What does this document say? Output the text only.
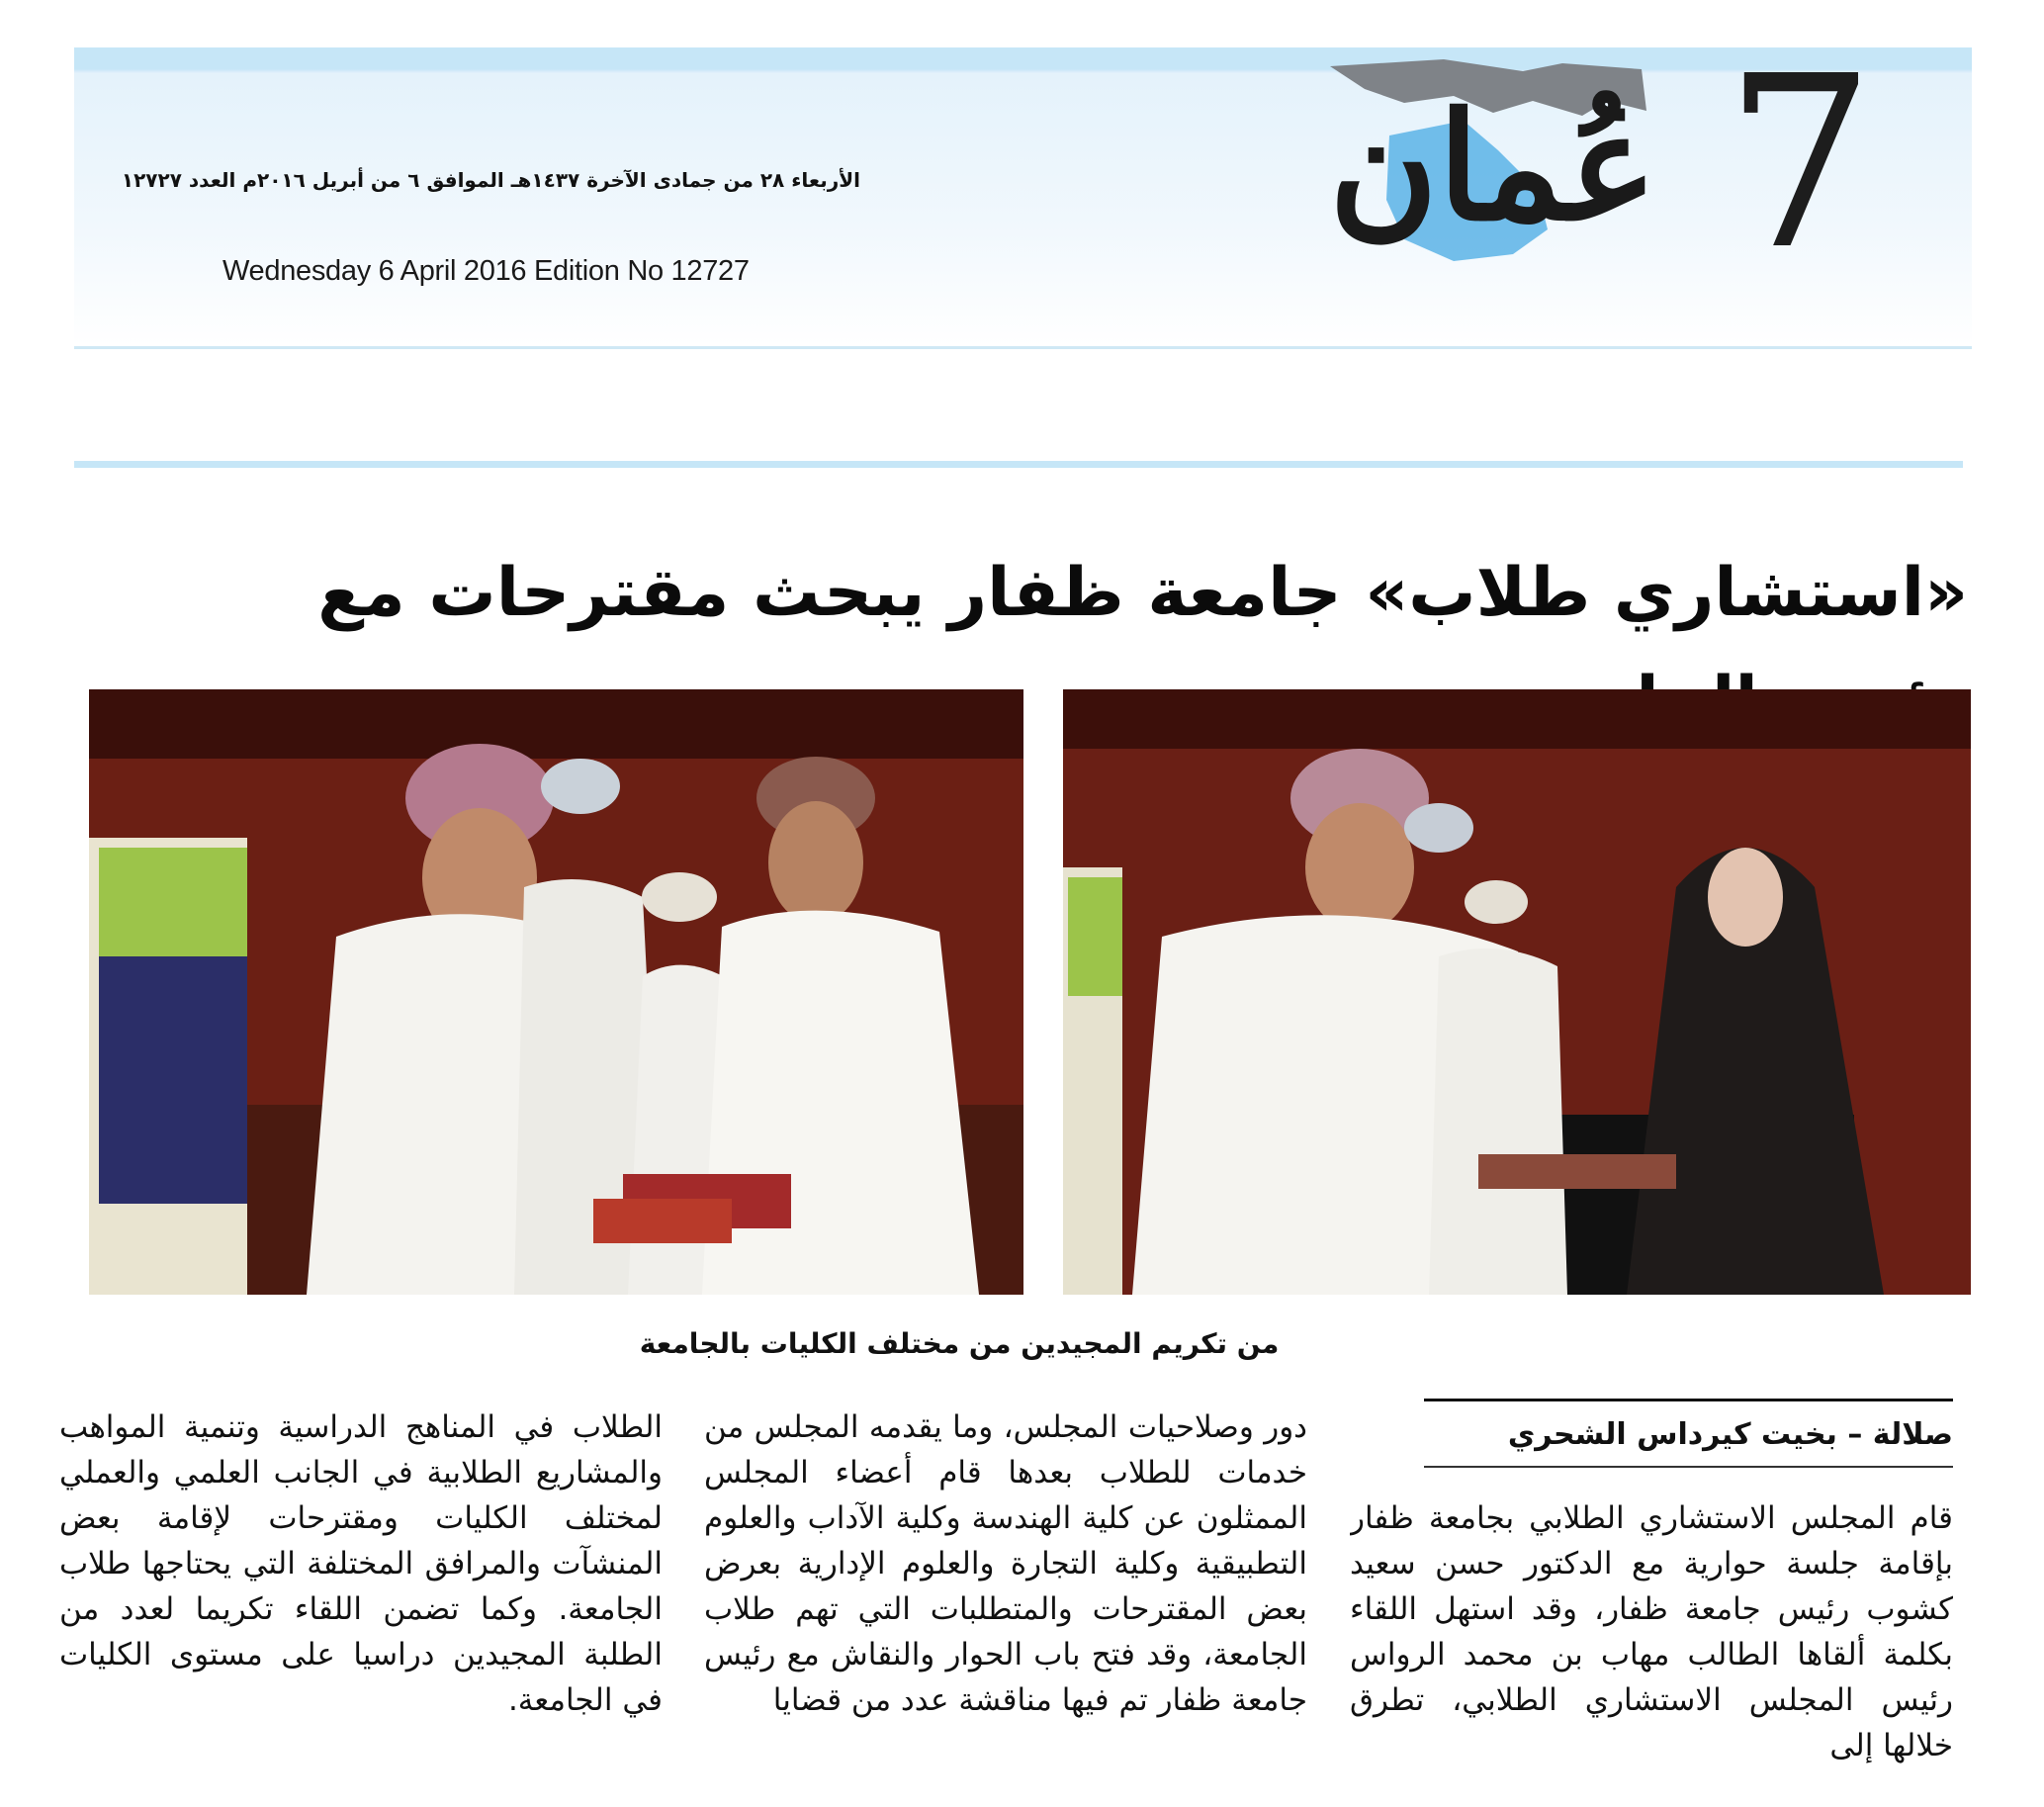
7
عُمان
الأربعاء ٢٨ من جمادى الآخرة ١٤٣٧هـ الموافق ٦ من أبريل ٢٠١٦م العدد ١٢٧٢٧
Wednesday 6 April 2016 Edition No 12727
«استشاري طلاب» جامعة ظفار يبحث مقترحات مع
من تكريم المجيدين من مختلف الكليات بالجامعة
صلالة – بخيت كيرداس الشحري
قام المجلس الاستشاري الطلابي بجامعة ظفار بإقامة جلسة حوارية مع الدكتور حسن سعيد كشوب رئيس جامعة ظفار، وقد استهل اللقاء بكلمة ألقاها الطالب مهاب بن محمد الرواس رئيس المجلس الاستشاري الطلابي، تطرق خلالها إلى
دور وصلاحيات المجلس، وما يقدمه المجلس من خدمات للطلاب بعدها قام أعضاء المجلس الممثلون عن كلية الهندسة وكلية الآداب والعلوم التطبيقية وكلية التجارة والعلوم الإدارية بعرض بعض المقترحات والمتطلبات التي تهم طلاب الجامعة، وقد فتح باب الحوار والنقاش مع رئيس جامعة ظفار تم فيها مناقشة عدد من قضايا
الطلاب في المناهج الدراسية وتنمية المواهب والمشاريع الطلابية في الجانب العلمي والعملي لمختلف الكليات ومقترحات لإقامة بعض المنشآت والمرافق المختلفة التي يحتاجها طلاب الجامعة. وكما تضمن اللقاء تكريما لعدد من الطلبة المجيدين دراسيا على مستوى الكليات في الجامعة.
